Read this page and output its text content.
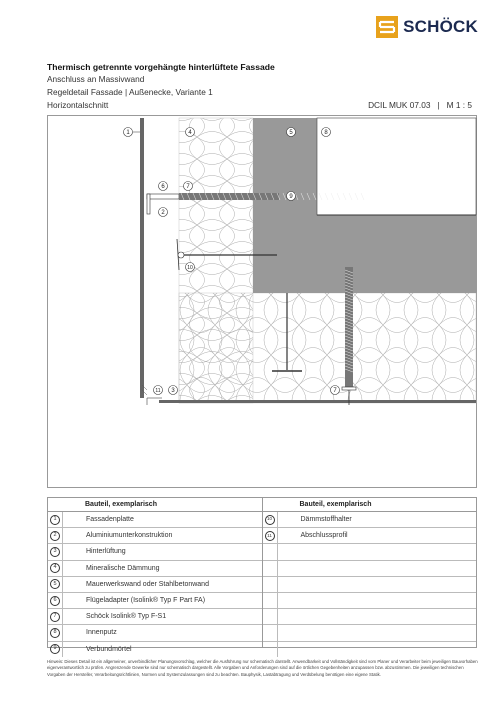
SCHÖCK
Thermisch getrennte vorgehängte hinterlüftete Fassade
Anschluss an Massivwand
Regeldetail Fassade | Außenecke, Variante 1
Horizontalschnitt	DCIL MUK 07.03 | M 1 : 5
1	4	5	8
6	7
2
9
10
11 3	7
Bauteil, exemplarisch
1	Fassadenplatte
2	Aluminiumunterkonstruktion
3	Hinterlüftung
4	Mineralische Dämmung
5	Mauerwerkswand oder Stahlbetonwand
6	Flügeladapter (Isolink® Typ F Part FA)
7	Schöck Isolink® Typ F-S1
8	Innenputz
9	Verbundmörtel
Bauteil, exemplarisch
10	Dämmstoffhalter
11	Abschlussprofil
Hinweis: Dieses Detail ist ein allgemeiner, unverbindlicher Planungsvorschlag, welcher die Ausführung nur schematisch darstellt. Anwendbarkeit und Vollständigkeit sind vom Planer und Verarbeiter beim jeweiligen Bauvorhaben eigenverantwortlich zu prüfen. Angrenzende Gewerke sind nur schematisch dargestellt. Alle Vorgaben und Anforderungen sind auf die örtlichen Gegebenheiten anzupassen bzw. abzustimmen. Die jeweiligen technischen Vorgaben der Hersteller, Verarbeitungsrichtlinien, Normen und Systemzulassungen sind zu beachten. Bauphysik, Lastabtragung und Verdübelung benötigen eine eigene Statik.
